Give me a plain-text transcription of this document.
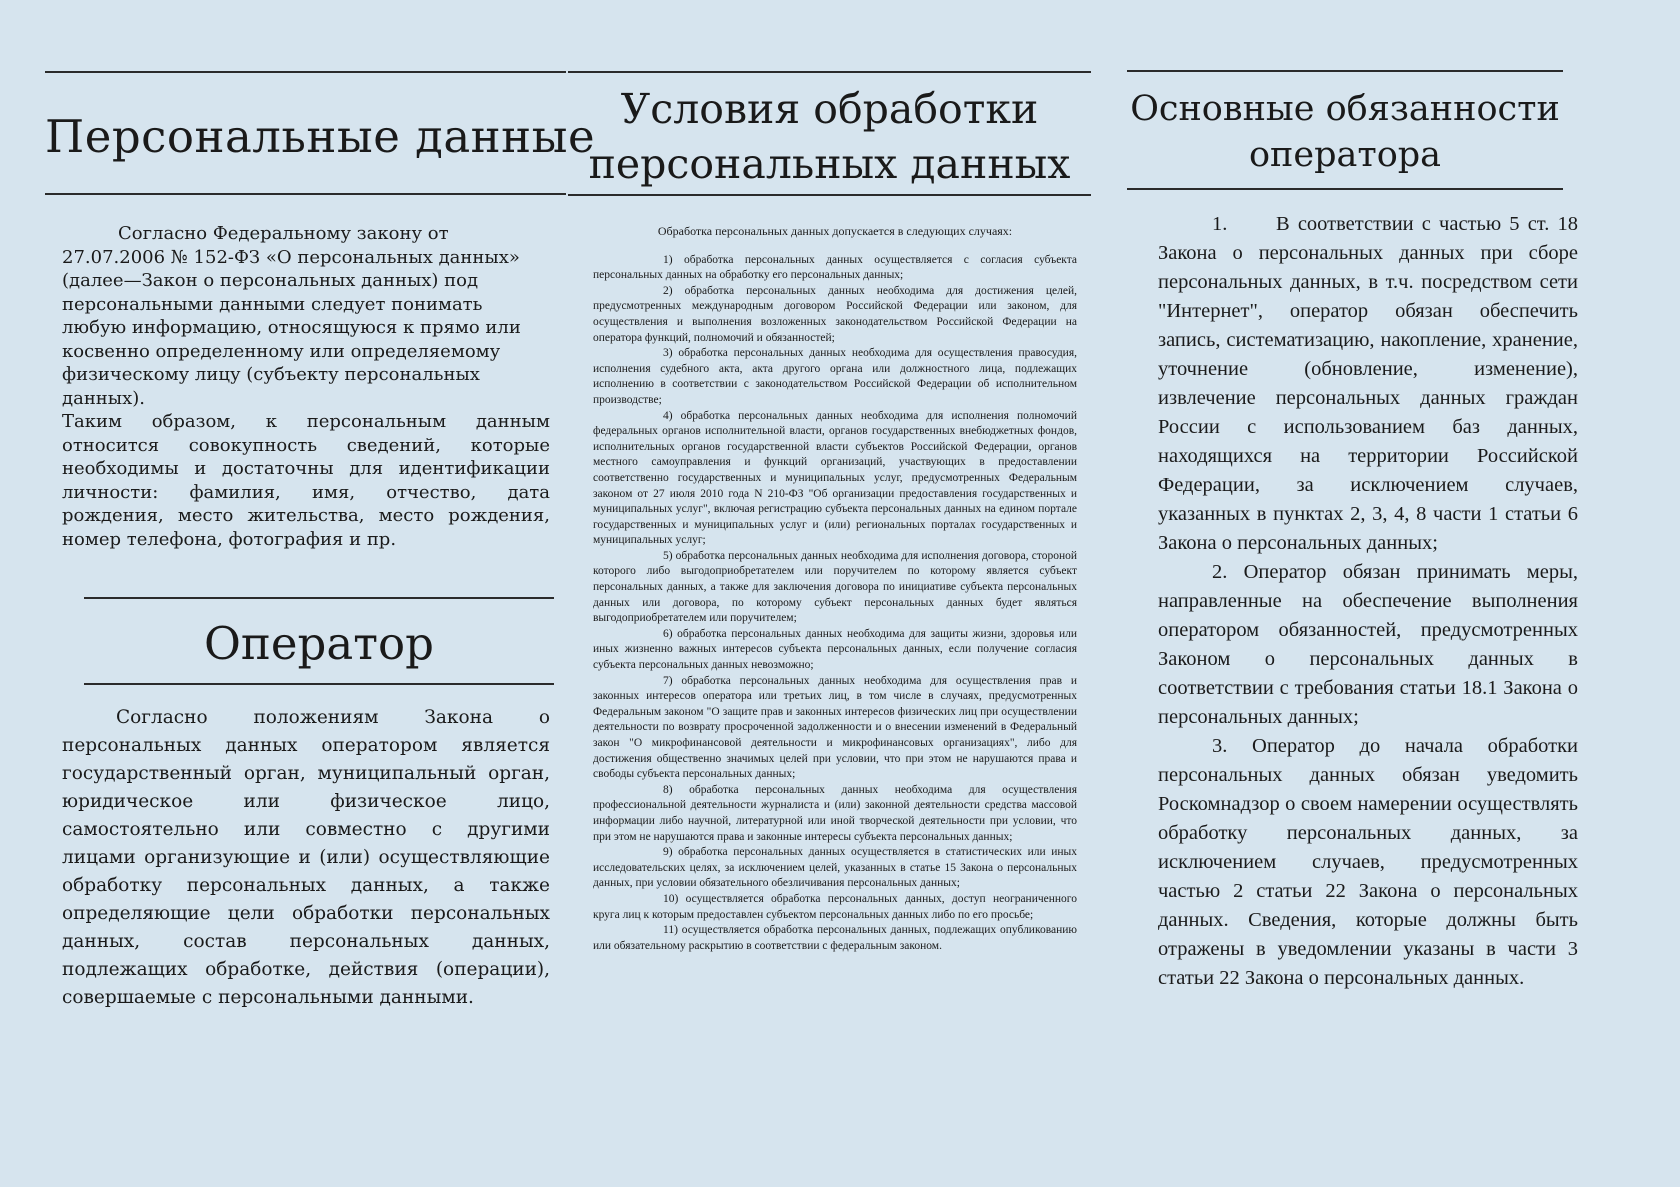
Персональные данные

Согласно Федеральному закону от 27.07.2006 № 152-ФЗ «О персональных данных» (далее—Закон о персональных данных) под персональными данными следует понимать любую информацию, относящуюся к прямо или косвенно определенному или определяемому физическому лицу (субъекту персональных данных).

Таким образом, к персональным данным относится совокупность сведений, которые необходимы и достаточны для идентификации личности: фамилия, имя, отчество, дата рождения, место жительства, место рождения, номер телефона, фотография и пр.

Оператор

Согласно положениям Закона о персональных данных оператором является государственный орган, муниципальный орган, юридическое или физическое лицо, самостоятельно или совместно с другими лицами организующие и (или) осуществляющие обработку персональных данных, а также определяющие цели обработки персональных данных, состав персональных данных, подлежащих обработке, действия (операции), совершаемые с персональными данными.

Условия обработки
персональных данных

Обработка персональных данных допускается в следующих случаях:

1) обработка персональных данных осуществляется с согласия субъекта персональных данных на обработку его персональных данных;

2) обработка персональных данных необходима для достижения целей, предусмотренных международным договором Российской Федерации или законом, для осуществления и выполнения возложенных законодательством Российской Федерации на оператора функций, полномочий и обязанностей;

3) обработка персональных данных необходима для осуществления правосудия, исполнения судебного акта, акта другого органа или должностного лица, подлежащих исполнению в соответствии с законодательством Российской Федерации об исполнительном производстве;

4) обработка персональных данных необходима для исполнения полномочий федеральных органов исполнительной власти, органов государственных внебюджетных фондов, исполнительных органов государственной власти субъектов Российской Федерации, органов местного самоуправления и функций организаций, участвующих в предоставлении соответственно государственных и муниципальных услуг, предусмотренных Федеральным законом от 27 июля 2010 года N 210-ФЗ "Об организации предоставления государственных и муниципальных услуг", включая регистрацию субъекта персональных данных на едином портале государственных и муниципальных услуг и (или) региональных порталах государственных и муниципальных услуг;

5) обработка персональных данных необходима для исполнения договора, стороной которого либо выгодоприобретателем или поручителем по которому является субъект персональных данных, а также для заключения договора по инициативе субъекта персональных данных или договора, по которому субъект персональных данных будет являться выгодоприобретателем или поручителем;

6) обработка персональных данных необходима для защиты жизни, здоровья или иных жизненно важных интересов субъекта персональных данных, если получение согласия субъекта персональных данных невозможно;

7) обработка персональных данных необходима для осуществления прав и законных интересов оператора или третьих лиц, в том числе в случаях, предусмотренных Федеральным законом "О защите прав и законных интересов физических лиц при осуществлении деятельности по возврату просроченной задолженности и о внесении изменений в Федеральный закон "О микрофинансовой деятельности и микрофинансовых организациях", либо для достижения общественно значимых целей при условии, что при этом не нарушаются права и свободы субъекта персональных данных;

8) обработка персональных данных необходима для осуществления профессиональной деятельности журналиста и (или) законной деятельности средства массовой информации либо научной, литературной или иной творческой деятельности при условии, что при этом не нарушаются права и законные интересы субъекта персональных данных;

9) обработка персональных данных осуществляется в статистических или иных исследовательских целях, за исключением целей, указанных в статье 15 Закона о персональных данных, при условии обязательного обезличивания персональных данных;

10) осуществляется обработка персональных данных, доступ неограниченного круга лиц к которым предоставлен субъектом персональных данных либо по его просьбе;

11) осуществляется обработка персональных данных, подлежащих опубликованию или обязательному раскрытию в соответствии с федеральным законом.

Основные обязанности
оператора

1. В соответствии с частью 5 ст. 18 Закона о персональных данных при сборе персональных данных, в т.ч. посредством сети "Интернет", оператор обязан обеспечить запись, систематизацию, накопление, хранение, уточнение (обновление, изменение), извлечение персональных данных граждан России с использованием баз данных, находящихся на территории Российской Федерации, за исключением случаев, указанных в пунктах 2, 3, 4, 8 части 1 статьи 6 Закона о персональных данных;

2. Оператор обязан принимать меры, направленные на обеспечение выполнения оператором обязанностей, предусмотренных Законом о персональных данных в соответствии с требования статьи 18.1 Закона о персональных данных;

3. Оператор до начала обработки персональных данных обязан уведомить Роскомнадзор о своем намерении осуществлять обработку персональных данных, за исключением случаев, предусмотренных частью 2 статьи 22 Закона о персональных данных. Сведения, которые должны быть отражены в уведомлении указаны в части 3 статьи 22 Закона о персональных данных.
